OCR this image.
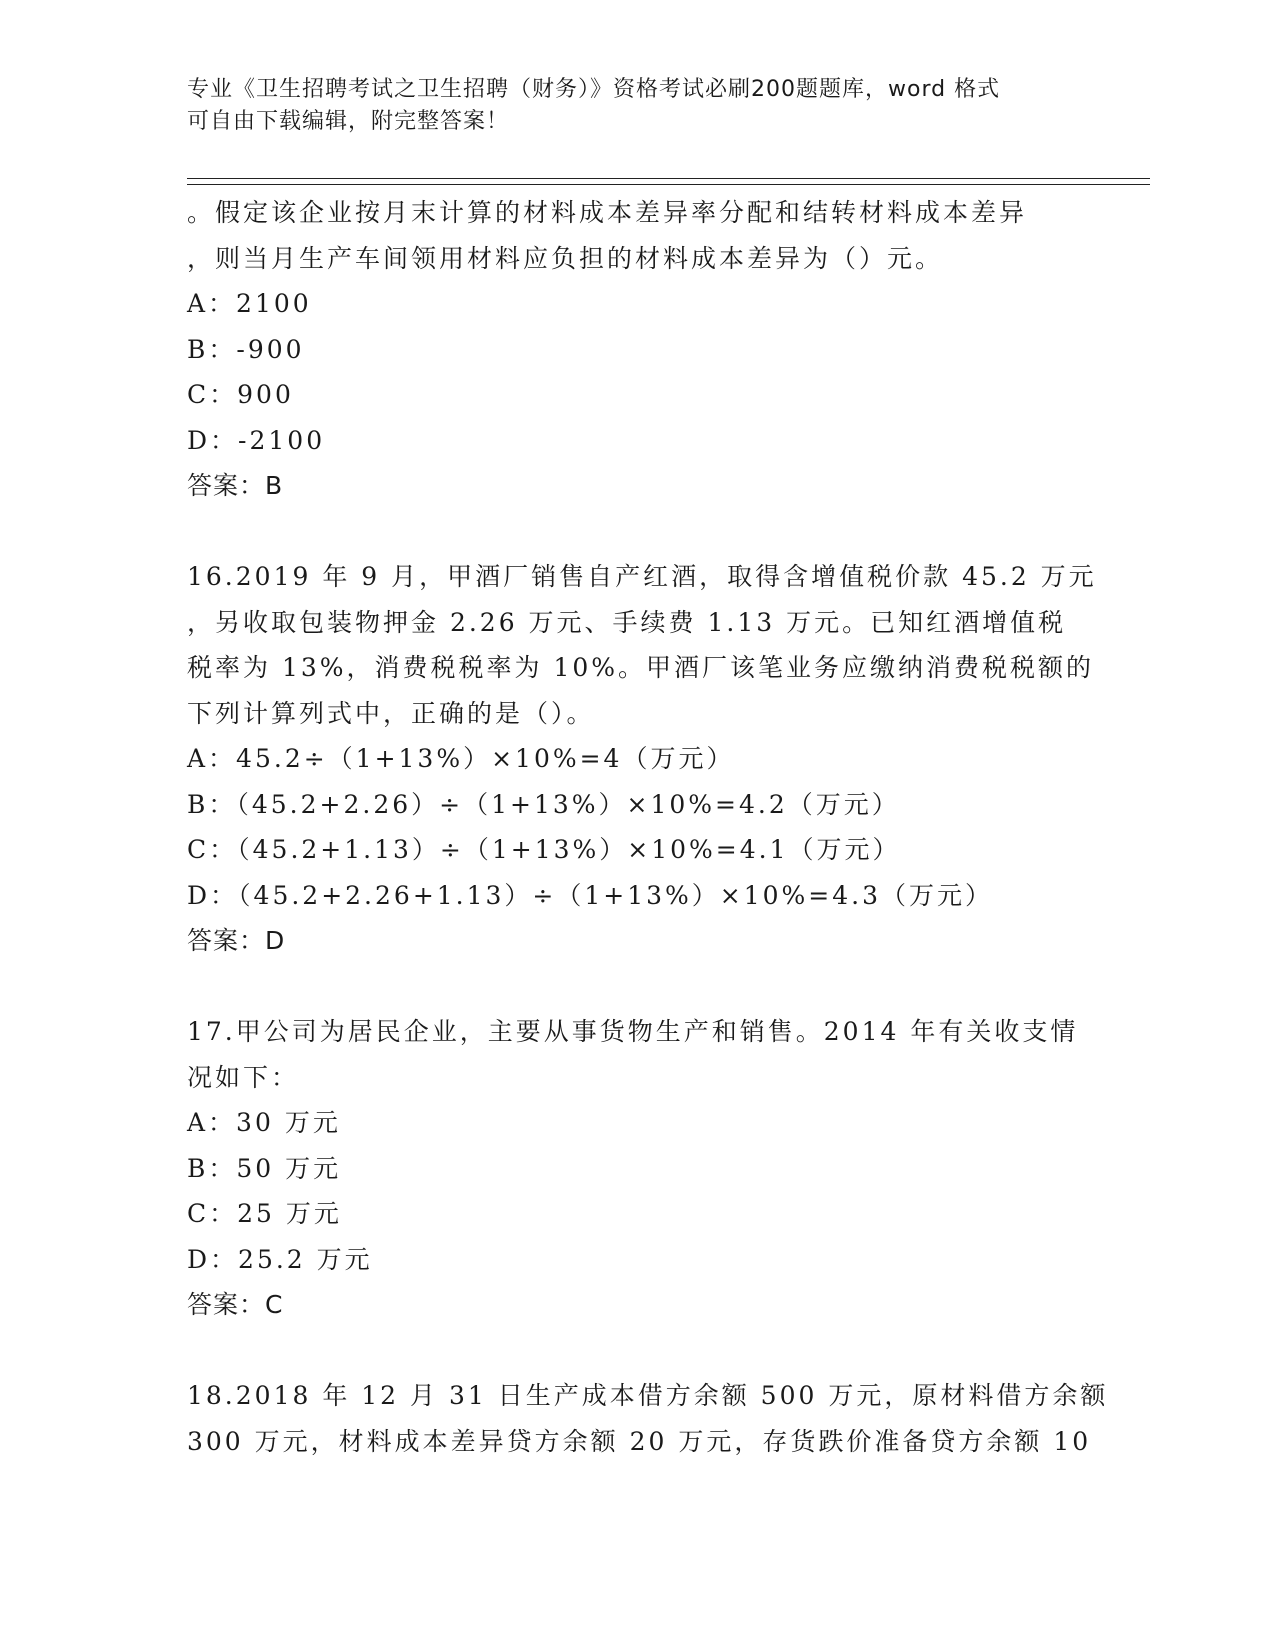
专业《卫生招聘考试之卫生招聘（财务）》资格考试必刷200题题库，word 格式
可自由下载编辑，附完整答案！
。假定该企业按月末计算的材料成本差异率分配和结转材料成本差异
，则当月生产车间领用材料应负担的材料成本差异为（）元。
A：2100
B：-900
C：900
D：-2100
答案：B
16.2019 年 9 月，甲酒厂销售自产红酒，取得含增值税价款 45.2 万元
，另收取包装物押金 2.26 万元、手续费 1.13 万元。已知红酒增值税
税率为 13%，消费税税率为 10%。甲酒厂该笔业务应缴纳消费税税额的
下列计算列式中，正确的是（）。
A：45.2÷（1+13%）×10%=4（万元）
B：（45.2+2.26）÷（1+13%）×10%=4.2（万元）
C：（45.2+1.13）÷（1+13%）×10%=4.1（万元）
D：（45.2+2.26+1.13）÷（1+13%）×10%=4.3（万元）
答案：D
17.甲公司为居民企业，主要从事货物生产和销售。2014 年有关收支情
况如下：
A：30 万元
B：50 万元
C：25 万元
D：25.2 万元
答案：C
18.2018 年 12 月 31 日生产成本借方余额 500 万元，原材料借方余额
300 万元，材料成本差异贷方余额 20 万元，存货跌价准备贷方余额 10
